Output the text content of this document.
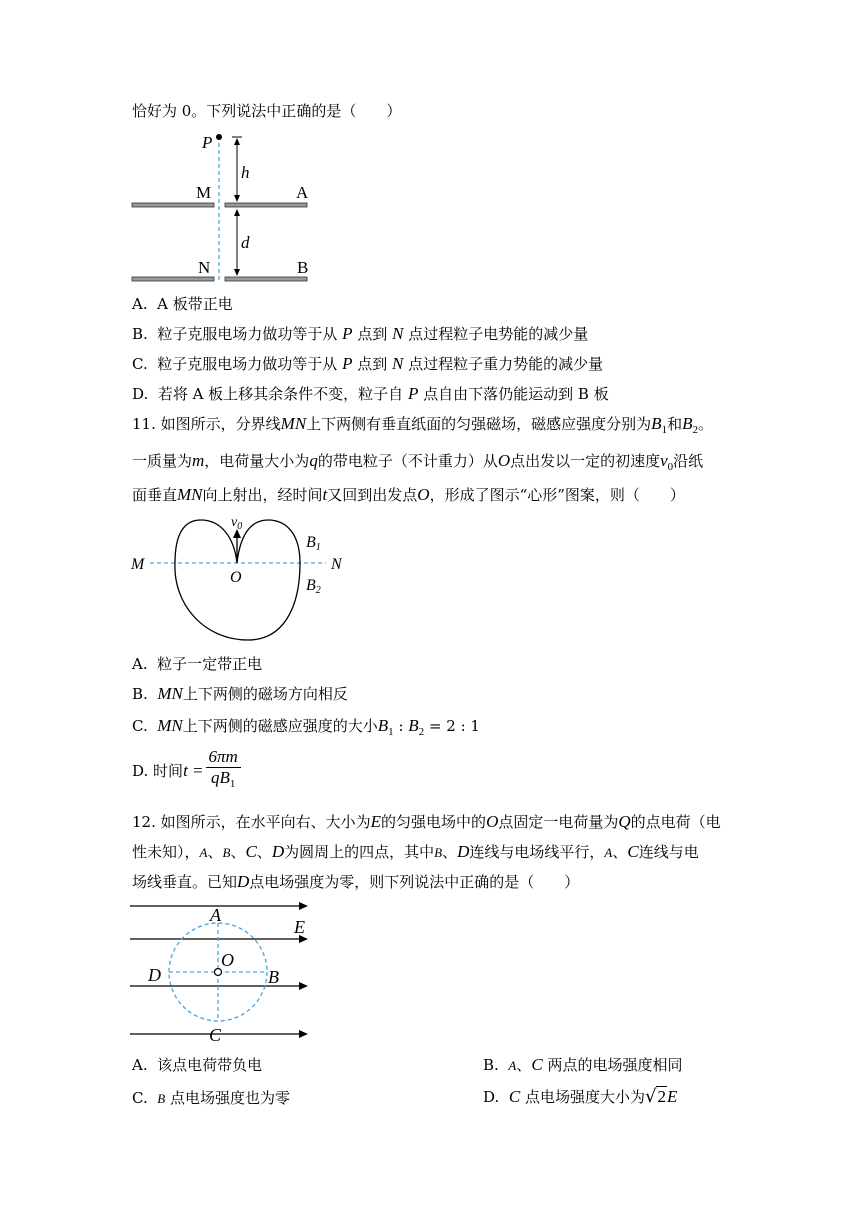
恰好为 0。下列说法中正确的是（　　）
P
h
d
M	A
N	B
A. A 板带正电
B. 粒子克服电场力做功等于从 P 点到 N 点过程粒子电势能的减少量
C. 粒子克服电场力做功等于从 P 点到 N 点过程粒子重力势能的减少量
D. 若将 A 板上移其余条件不变，粒子自 P 点自由下落仍能运动到 B 板
11. 如图所示，分界线MN上下两侧有垂直纸面的匀强磁场，磁感应强度分别为$B_1$和$B_2$。
一质量为m，电荷量大小为q的带电粒子（不计重力）从O点出发以一定的初速度$v_0$沿纸
面垂直MN向上射出，经时间t又回到出发点O，形成了图示“心形”图案，则（　　）
$v_0$
M	N
O
B1
B2
A. 粒子一定带正电
B. MN上下两侧的磁场方向相反
C. MN上下两侧的磁感应强度的大小$B_1$ : $B_2 = 2$ : 1
D. 时间$t = \frac{6\pi m}{qB_1}$
12. 如图所示，在水平向右、大小为E的匀强电场中的O点固定一电荷量为Q的点电荷（电
性未知），A、B、C、D为圆周上的四点，其中B、D连线与电场线平行，A、C连线与电
场线垂直。已知D点电场强度为零，则下列说法中正确的是（　　）
A
B
C
D
O
E
A. 该点电荷带负电	B. A、C 两点的电场强度相同
C. B 点电场强度也为零	D. C 点电场强度大小为√2E
